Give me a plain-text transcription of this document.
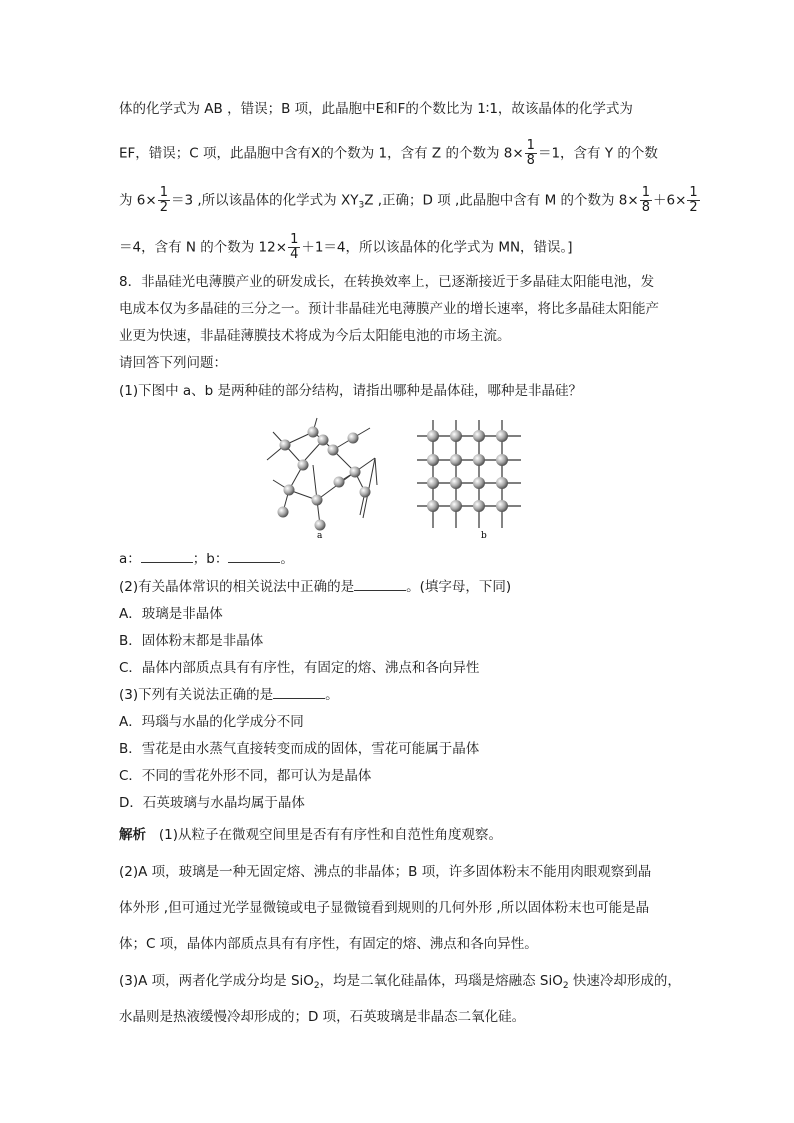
体的化学式为 AB ，错误；B 项，此晶胞中E和F的个数比为 1∶1，故该晶体的化学式为
EF，错误；C 项，此晶胞中含有X的个数为 1，含有 Z 的个数为 $8\times \frac{1}{8} =1$，含有 Y 的个数
为 $6\times \frac{1}{2} =3$ ,所以该晶体的化学式为 $XY_3Z$ ,正确；D 项 ,此晶胞中含有 M 的个数为 $8\times \frac{1}{8} +6\times \frac{1}{2}$
＝4，含有 N 的个数为 $12\times \frac{1}{4} +1=4$，所以该晶体的化学式为 MN，错误。]
8．非晶硅光电薄膜产业的研发成长，在转换效率上，已逐渐接近于多晶硅太阳能电池，发
电成本仅为多晶硅的三分之一。预计非晶硅光电薄膜产业的增长速率，将比多晶硅太阳能产
业更为快速，非晶硅薄膜技术将成为今后太阳能电池的市场主流。
请回答下列问题：
(1)下图中 a、b 是两种硅的部分结构，请指出哪种是晶体硅，哪种是非晶硅？
a	b
a：	；b：	。
(2)有关晶体常识的相关说法中正确的是	。(填字母，下同)
A．玻璃是非晶体
B．固体粉末都是非晶体
C．晶体内部质点具有有序性，有固定的熔、沸点和各向异性
(3)下列有关说法正确的是	。
A．玛瑙与水晶的化学成分不同
B．雪花是由水蒸气直接转变而成的固体，雪花可能属于晶体
C．不同的雪花外形不同，都可认为是晶体
D．石英玻璃与水晶均属于晶体
解析 (1)从粒子在微观空间里是否有有序性和自范性角度观察。
(2)A 项，玻璃是一种无固定熔、沸点的非晶体；B 项，许多固体粉末不能用肉眼观察到晶
体外形 ,但可通过光学显微镜或电子显微镜看到规则的几何外形 ,所以固体粉末也可能是晶
体；C 项，晶体内部质点具有有序性，有固定的熔、沸点和各向异性。
(3)A 项，两者化学成分均是 SiO$_2$，均是二氧化硅晶体，玛瑙是熔融态 SiO$_2$ 快速冷却形成的，
水晶则是热液缓慢冷却形成的；D 项，石英玻璃是非晶态二氧化硅。
